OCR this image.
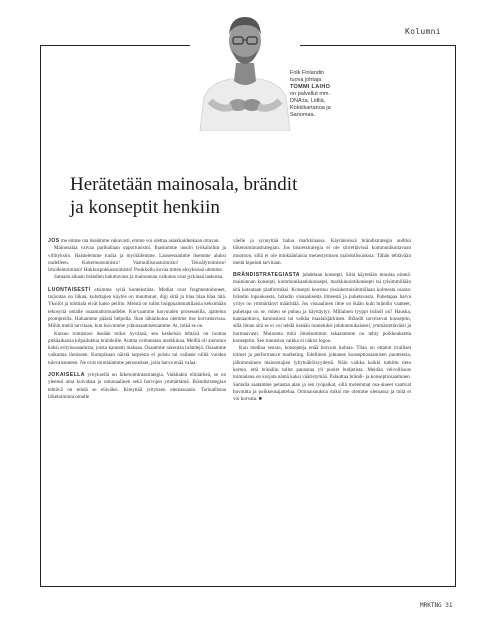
Kolumni
Folk Finlandin
tuova johtaja
TOMMI LAIHO
on palvellut mm.
DNA:ta, Lidliä,
Kokkikartanoa ja
Sanomaa.
Herätetään mainosala, brändit
ja konseptit henkiin

JOS me emme ota itseämme vakavasti, emme voi olettaa asiakkaidenkaan ottavan.

Mainosalaa vaivaa parihallaan opportunismi. Ihastumme uusiin työkaluihin ja villityksiin. Haistelemme tuulia ja myötäilemme. Lanseeraamme itsemme aluksi uudelleen. Kokemustoimisto! Vastuullisuustoimisto! Tekoälytoimisto! Irtoidentoimisto! Hokkuspokkustoimisto! Poukkoilu kuvaa miten eksyksissä olemme.

Samaan aikaan brändien haluttavuus ja mainonnan vaikutus ovat jyrkässä laskussa.

LUONTAISESTI etsimme syitä kontekstista. Mediat ovat fragmentoituneet, tarjontaa on liikaa, kuluttajien käytös on muuttunut, digi siitä ja blaa blaa blaa tätä. Yksilöt ja toimiala eivät katso peiliin. Meistä on tullut huippuammattilaisia keksimään tekosyitä omalle osaamattomuudelle. Korvaamme luovuuden prosesseilla, ajattelun prompteilla. Haluamme päästä helpolla. Ihan lähiaikoina olemme itse korvattavissa. Mihin meitä tarvitaan, kun luovumme ydinosaamisestamme. Ai, mikä se on.

Kutsuu toimistosi itseään miksi hyvänsä, sen keskeisin tehtävä on tuottaa pitkäaikaisia kilpailuetua brändeille. Auttaa voittamaan markkinaa. Meillä oli aiemmin kaksi erityisosaamista, joista kannatti maksaa. Osaamme rakentaa brändejä. Osaamme vaikuttaa ihmiseen. Kumpikaan näistä tarpeista ei poistu tai vaihene niiltä vuoden tulevaisuuteen. Ne ovat toimialamme perustukset, joita harva enää valaa.

JOKAISELLA yrityksellä on liiketoimintastrategia. Vaikkakin elintärkeä, se on yleensä aina kuivakka ja rationaalinen sekä harvojen ymmärtämä. Brändistrategian tehtävä on tehdä se eläväksi. Kiteyttää yrityksen olemassaolo. Tarinallistaa liiketoiminta omalle

väelle ja synnyttää halua markkinassa. Käytännössä brändistrategia auditoi liiketoimintastrategian. Jos bisnesstrategia ei ole siirrettävissä kommunikoitavaan muotoon, sillä ei ole minkäänlaisia menestymisen mahdollisuuksia. Tähän tehtävään meitä kipeästi tarvitaan.

BRÄNDISTRATEGIASTA johdetaan konsepti. Siitä käytetään montaa nimeä: mainonnan konsepti, kommunikaatiokonsepti, markkinointikonsepti tai tylsimmillään sitä kutsutaan platformiksi. Konsepti koostuu yksinkertaisimmillaan kolmesta osasta: brändin lupauksesta, brändin visuaalisesta ilmeestä ja puhetavasta. Puhetapaa harva yritys on ymmärtänyt määrittää. Jos visuaalinen ilme on ikään kuin brändin vaatteet, puhetapa on se, miten se puhuu ja käyttäytyy. Millainen tyyppi brändi on? Hauska, kantaaottava, kannustava tai vaikka maalaisjärkinen. Brändit tarvitsevat konseptin, sillä ilman sitä se ei voi tehdä itseään tunnetuksi johdonmukaisesti, ymmärrettävästi ja hurmaavasti. Mainonta mitä ilmeisemmin rakastamme on tehty poikkeuksetta konseptiin. Sen tunnistaa vaikka ei näkisi logoa.

Kun mediaa seuraa, konsepteja enää harvoin kohtaa. Tilan on ottanut irralliset toimet ja performance marketing. Edellinen johtanee konseptiosaamisen puutteesta, jälkimmäinen mainostajien lyhytnäköisyydestä. Näin vaikka kaikki tutkittu tieto kertoo, että brändiin tullut panostaa yli puolet budjetista. Meidän velvollisuus toimialana on korjata nämä kaksi vääristymää. Palauttaa brändi- ja konseptiosaaminen. Samalla saatamme pelastaa alan ja sen työpaikat, sillä molemmat osa-alueet vaativat huvuutta ja poikkeusajattelua. Ominaisuuksia miksi me olemme olemassa ja mitä ei voi korvata. ■

MRKTNG 31
